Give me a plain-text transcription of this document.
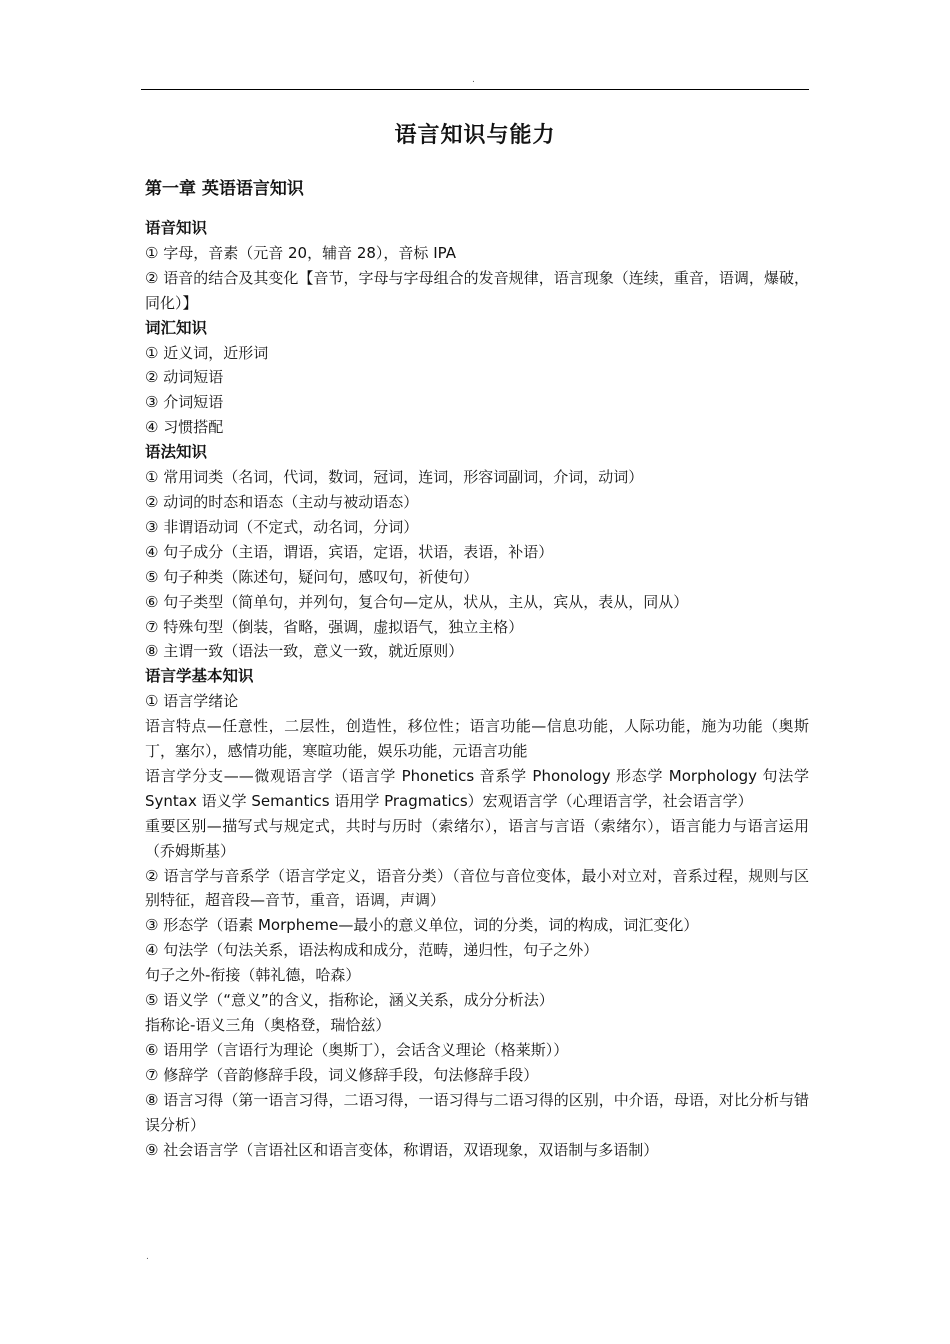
.
语言知识与能力
第一章 英语语言知识
语音知识
① 字母，音素（元音 20，辅音 28），音标 IPA
② 语音的结合及其变化【音节，字母与字母组合的发音规律，语言现象（连续，重音，语调，爆破，同化）】
词汇知识
① 近义词，近形词
② 动词短语
③ 介词短语
④ 习惯搭配
语法知识
① 常用词类（名词，代词，数词，冠词，连词，形容词副词，介词，动词）
② 动词的时态和语态（主动与被动语态）
③ 非谓语动词（不定式，动名词，分词）
④ 句子成分（主语，谓语，宾语，定语，状语，表语，补语）
⑤ 句子种类（陈述句，疑问句，感叹句，祈使句）
⑥ 句子类型（简单句，并列句，复合句—定从，状从，主从，宾从，表从，同从）
⑦ 特殊句型（倒装，省略，强调，虚拟语气，独立主格）
⑧ 主谓一致（语法一致，意义一致，就近原则）
语言学基本知识
① 语言学绪论
语言特点—任意性，二层性，创造性，移位性；语言功能—信息功能，人际功能，施为功能（奥斯丁，塞尔），感情功能，寒暄功能，娱乐功能，元语言功能
语言学分支——微观语言学（语言学 Phonetics 音系学 Phonology 形态学 Morphology 句法学 Syntax 语义学 Semantics 语用学 Pragmatics）宏观语言学（心理语言学，社会语言学）
重要区别—描写式与规定式，共时与历时（索绪尔），语言与言语（索绪尔），语言能力与语言运用（乔姆斯基）
② 语言学与音系学（语言学定义，语音分类）（音位与音位变体，最小对立对，音系过程，规则与区别特征，超音段—音节，重音，语调，声调）
③ 形态学（语素 Morpheme—最小的意义单位，词的分类，词的构成，词汇变化）
④ 句法学（句法关系，语法构成和成分，范畴，递归性，句子之外）
句子之外-衔接（韩礼德，哈森）
⑤ 语义学（“意义”的含义，指称论，涵义关系，成分分析法）
指称论-语义三角（奥格登，瑞恰兹）
⑥ 语用学（言语行为理论（奥斯丁），会话含义理论（格莱斯））
⑦ 修辞学（音韵修辞手段，词义修辞手段，句法修辞手段）
⑧ 语言习得（第一语言习得，二语习得，一语习得与二语习得的区别，中介语，母语，对比分析与错误分析）
⑨ 社会语言学（言语社区和语言变体，称谓语，双语现象，双语制与多语制）
.
